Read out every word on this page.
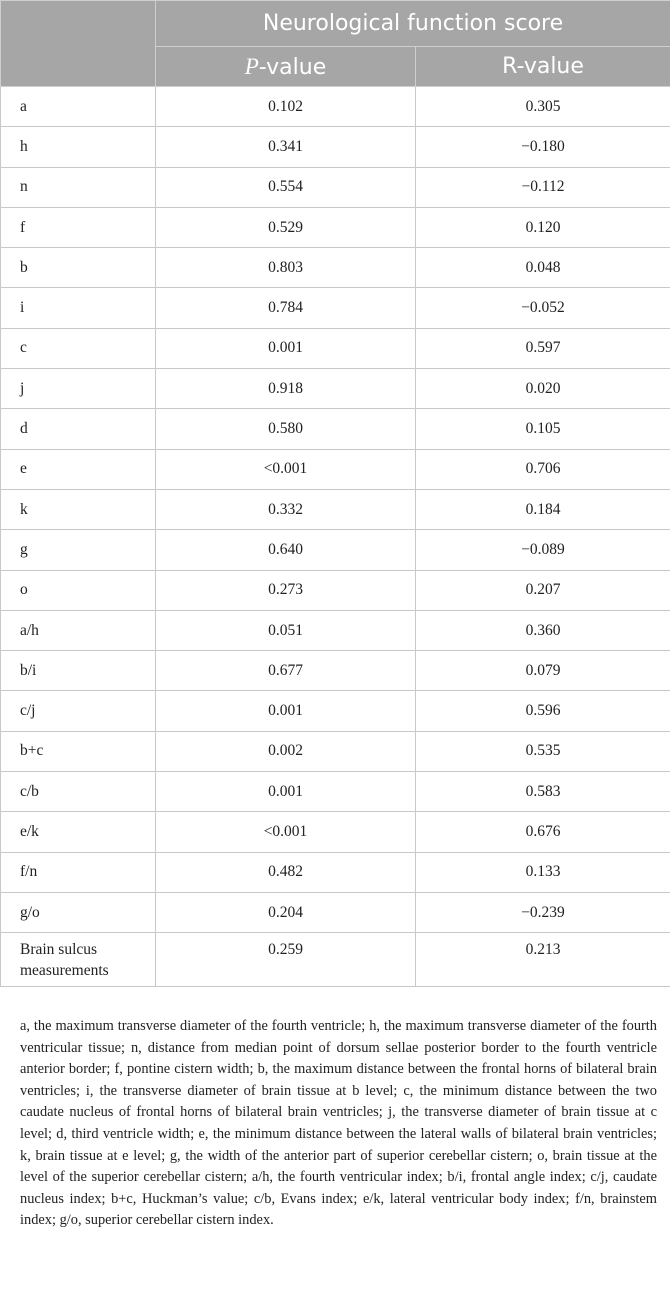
	Neurological function score	
	P-value	R-value
a	0.102	0.305
h	0.341	−0.180
n	0.554	−0.112
f	0.529	0.120
b	0.803	0.048
i	0.784	−0.052
c	0.001	0.597
j	0.918	0.020
d	0.580	0.105
e	<0.001	0.706
k	0.332	0.184
g	0.640	−0.089
o	0.273	0.207
a/h	0.051	0.360
b/i	0.677	0.079
c/j	0.001	0.596
b+c	0.002	0.535
c/b	0.001	0.583
e/k	<0.001	0.676
f/n	0.482	0.133
g/o	0.204	−0.239

Brain sulcus
measurements	0.259	0.213

a, the maximum transverse diameter of the fourth ventricle; h, the maximum transverse diameter of the fourth ventricular tissue; n, distance from median point of dorsum sellae posterior border to the fourth ventricle anterior border; f, pontine cistern width; b, the maximum distance between the frontal horns of bilateral brain ventricles; i, the transverse diameter of brain tissue at b level; c, the minimum distance between the two caudate nucleus of frontal horns of bilateral brain ventricles; j, the transverse diameter of brain tissue at c level; d, third ventricle width; e, the minimum distance between the lateral walls of bilateral brain ventricles; k, brain tissue at e level; g, the width of the anterior part of superior cerebellar cistern; o, brain tissue at the level of the superior cerebellar cistern; a/h, the fourth ventricular index; b/i, frontal angle index; c/j, caudate nucleus index; b+c, Huckman’s value; c/b, Evans index; e/k, lateral ventricular body index; f/n, brainstem index; g/o, superior cerebellar cistern index.
